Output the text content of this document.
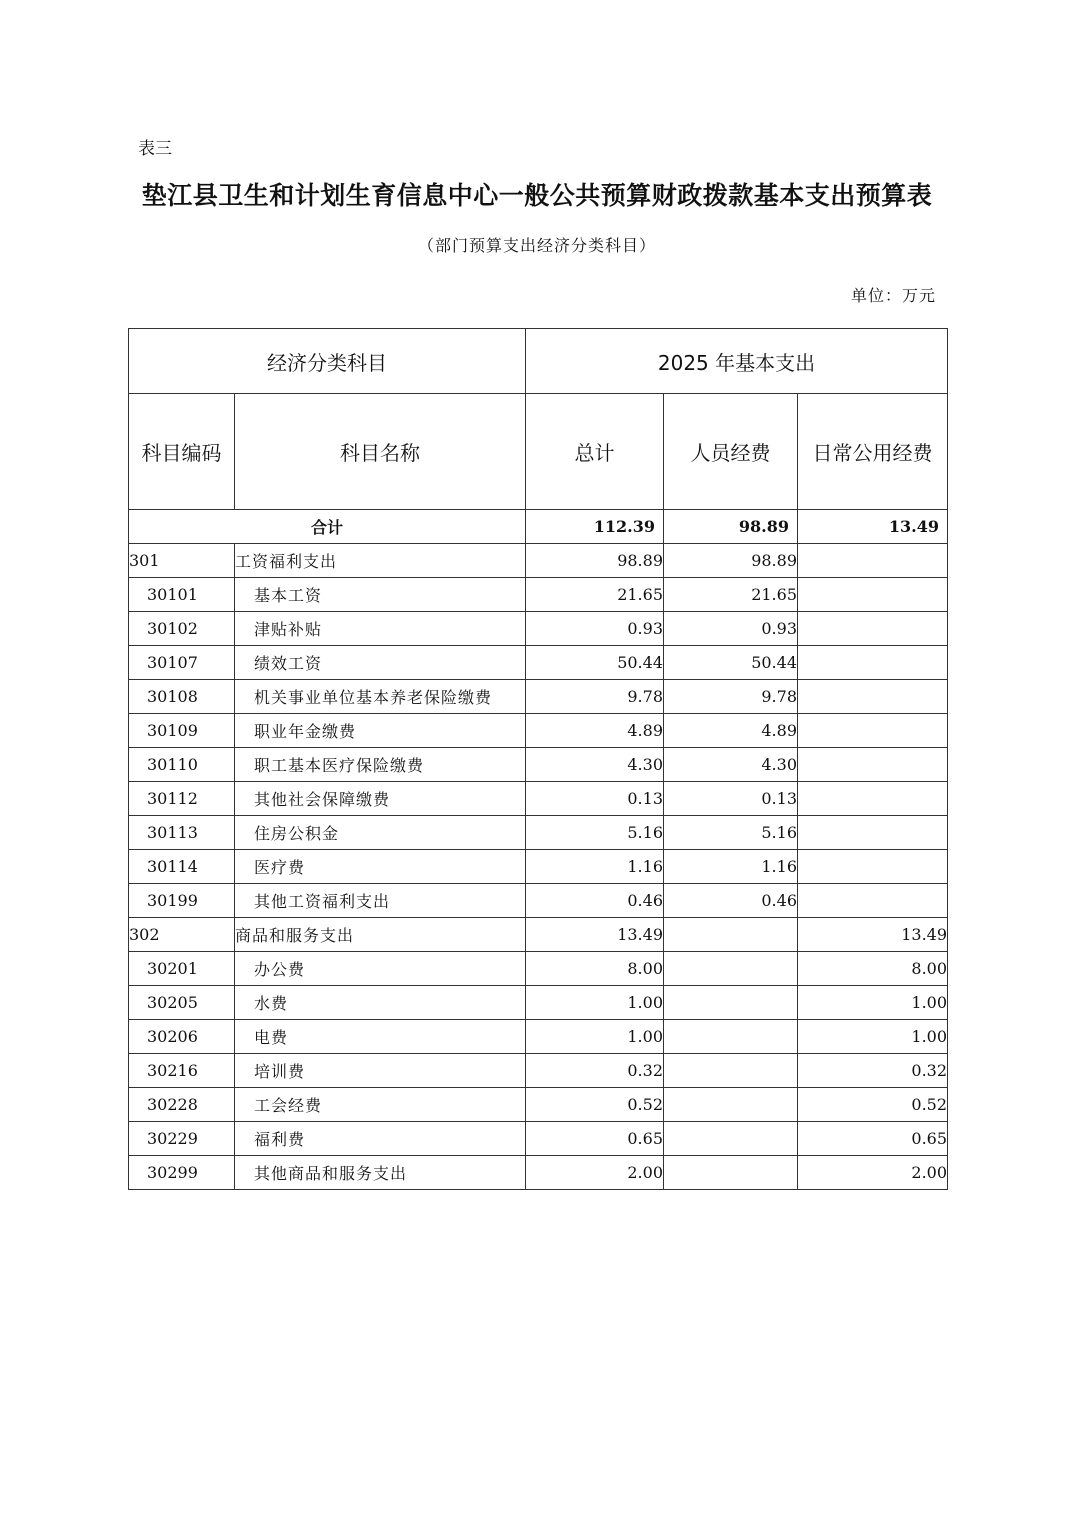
表三
垫江县卫生和计划生育信息中心一般公共预算财政拨款基本支出预算表
（部门预算支出经济分类科目）
单位：万元
经济分类科目		2025 年基本支出		
科目编码	科目名称	总计	人员经费	日常公用经费
合计		112.39	98.89	13.49
301	工资福利支出	98.89	98.89	
30101	基本工资	21.65	21.65	
30102	津贴补贴	0.93	0.93	
30107	绩效工资	50.44	50.44	
30108	机关事业单位基本养老保险缴费	9.78	9.78	
30109	职业年金缴费	4.89	4.89	
30110	职工基本医疗保险缴费	4.30	4.30	
30112	其他社会保障缴费	0.13	0.13	
30113	住房公积金	5.16	5.16	
30114	医疗费	1.16	1.16	
30199	其他工资福利支出	0.46	0.46	
302	商品和服务支出	13.49		13.49
30201	办公费	8.00		8.00
30205	水费	1.00		1.00
30206	电费	1.00		1.00
30216	培训费	0.32		0.32
30228	工会经费	0.52		0.52
30229	福利费	0.65		0.65
30299	其他商品和服务支出	2.00		2.00
